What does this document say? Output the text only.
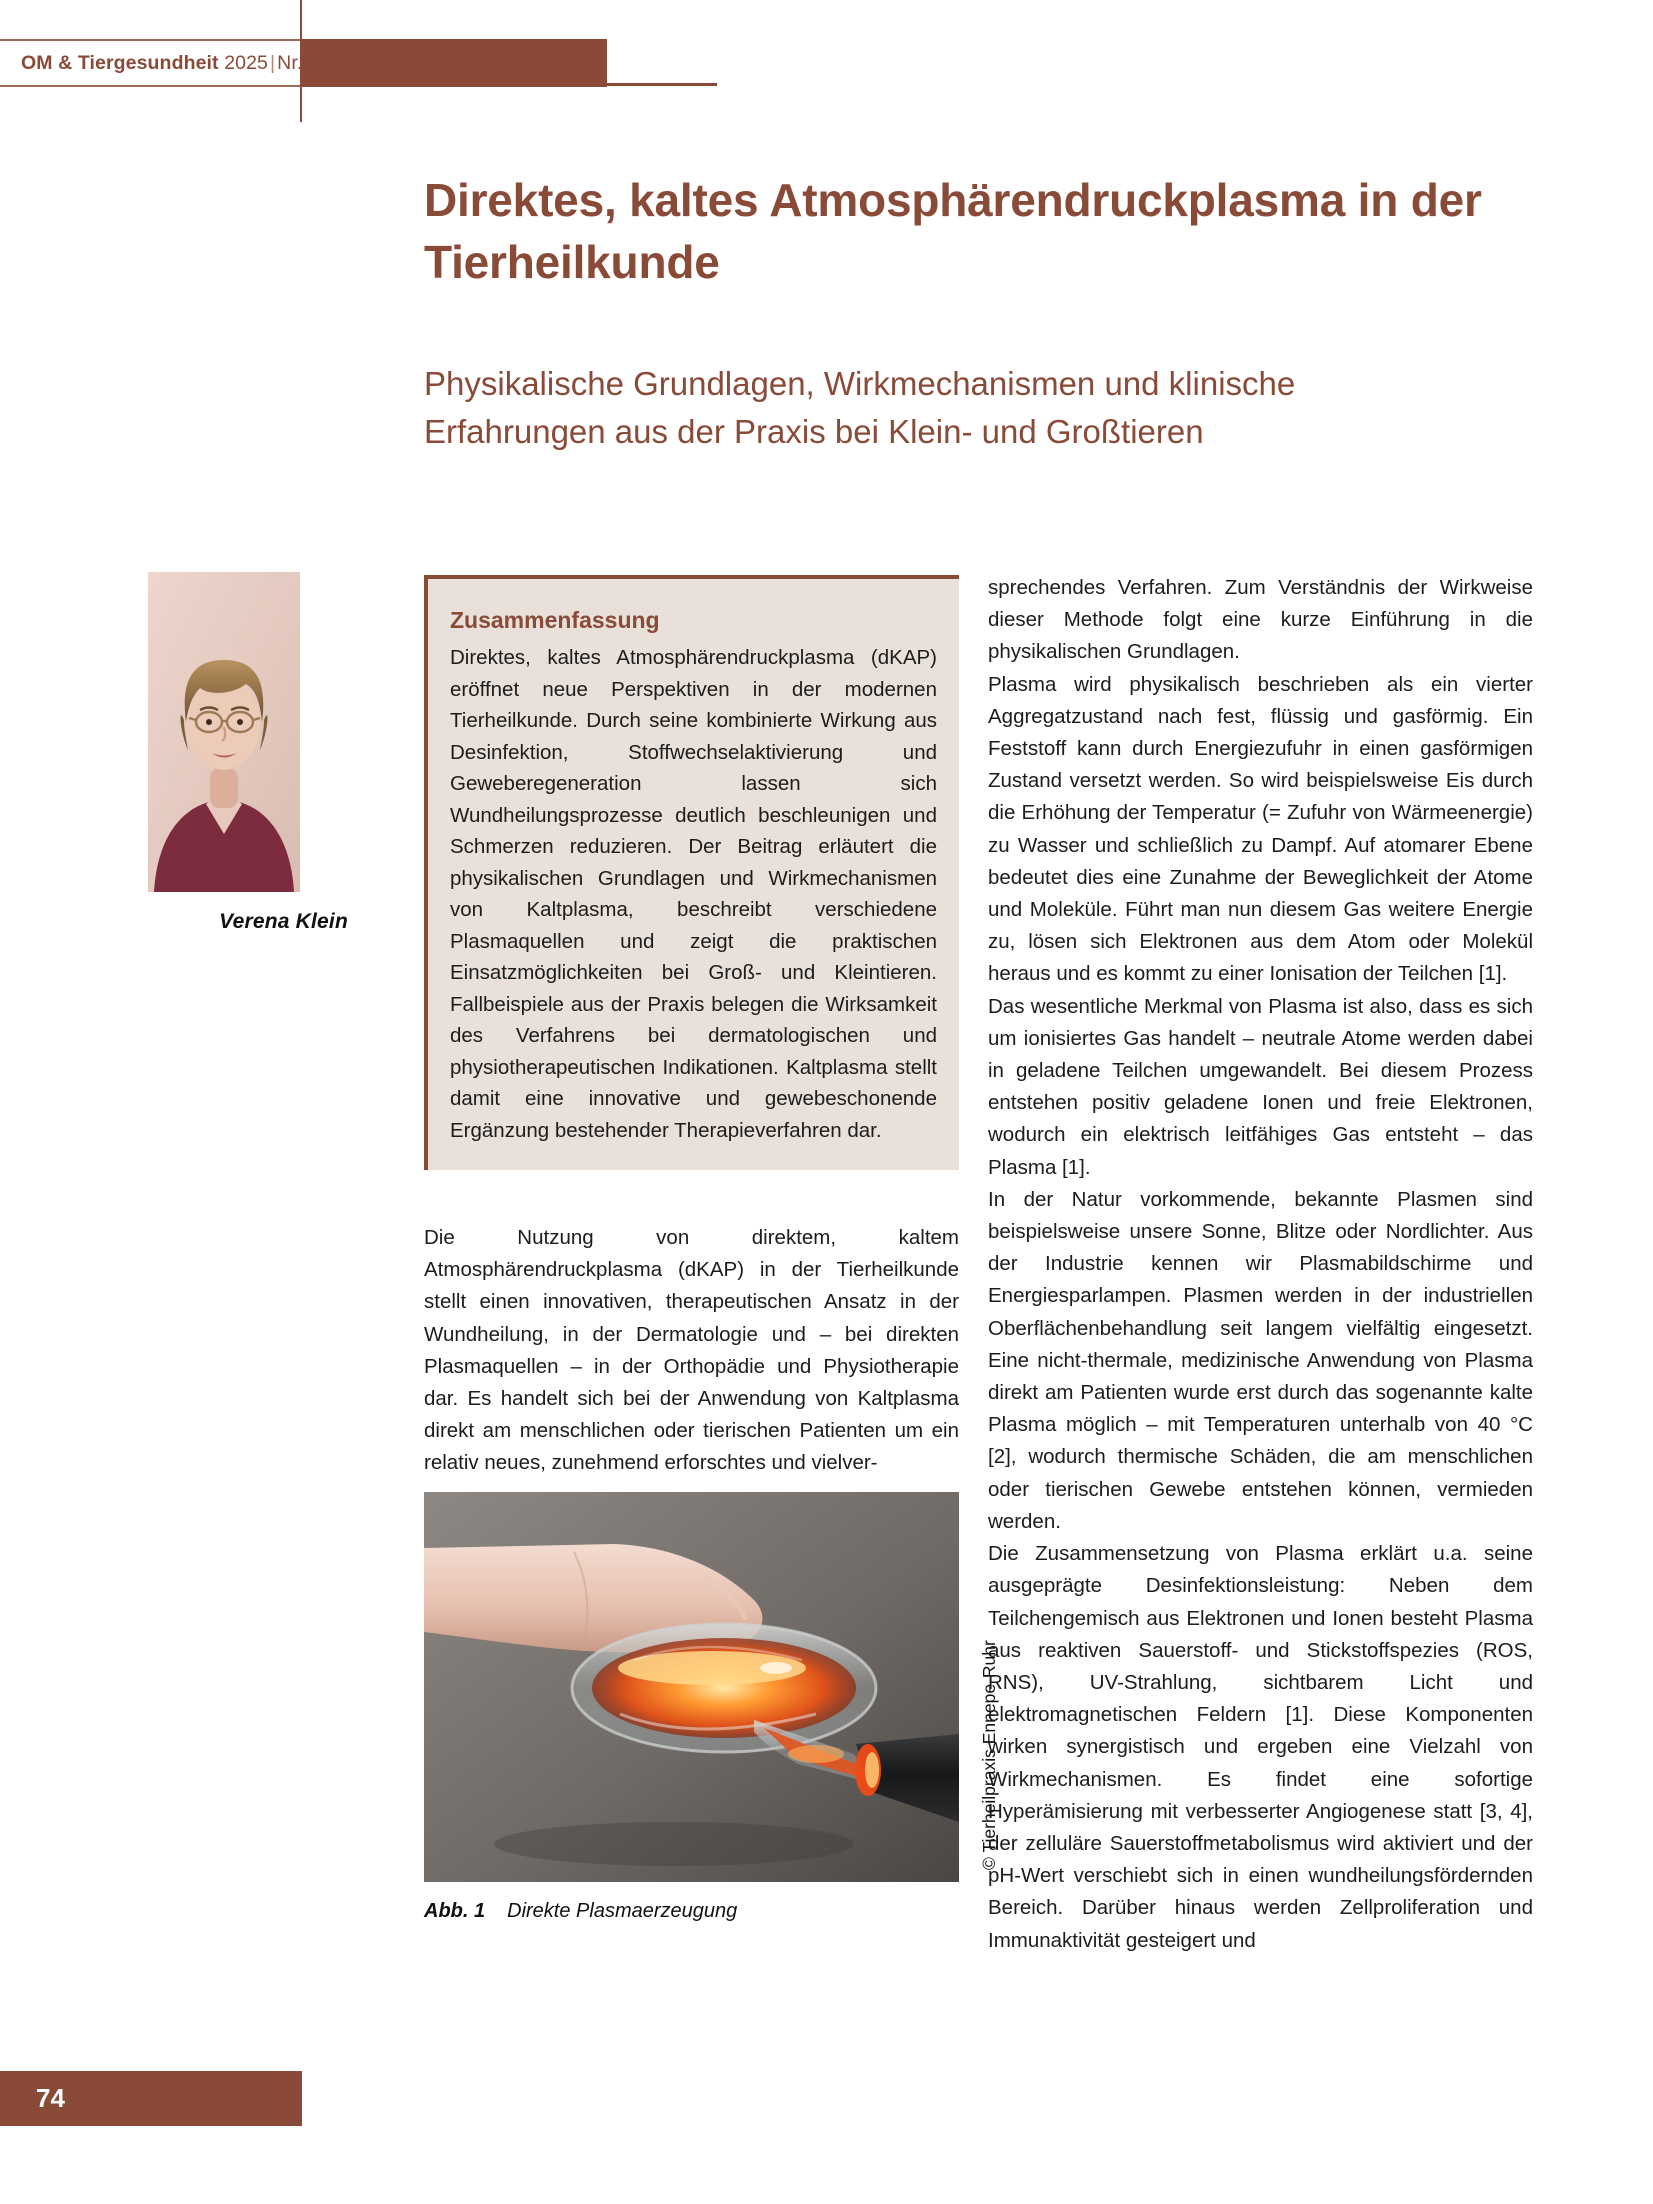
OM & Tiergesundheit 2025 | Nr. 120
Direktes, kaltes Atmosphärendruckplasma in der Tierheilkunde
Physikalische Grundlagen, Wirkmechanismen und klinische Erfahrungen aus der Praxis bei Klein- und Großtieren
Verena Klein
Zusammenfassung
Direktes, kaltes Atmosphärendruckplasma (dKAP) eröffnet neue Perspektiven in der modernen Tierheilkunde. Durch seine kombinierte Wirkung aus Desinfektion, Stoffwechselaktivierung und Geweberegeneration lassen sich Wundheilungsprozesse deutlich beschleunigen und Schmerzen reduzieren. Der Beitrag erläutert die physikalischen Grundlagen und Wirkmechanismen von Kaltplasma, beschreibt verschiedene Plasmaquellen und zeigt die praktischen Einsatzmöglichkeiten bei Groß- und Kleintieren. Fallbeispiele aus der Praxis belegen die Wirksamkeit des Verfahrens bei dermatologischen und physiotherapeutischen Indikationen. Kaltplasma stellt damit eine innovative und gewebeschonende Ergänzung bestehender Therapieverfahren dar.

Die Nutzung von direktem, kaltem Atmosphärendruckplasma (dKAP) in der Tierheilkunde stellt einen innovativen, therapeutischen Ansatz in der Wundheilung, in der Dermatologie und – bei direkten Plasmaquellen – in der Orthopädie und Physiotherapie dar. Es handelt sich bei der Anwendung von Kaltplasma direkt am menschlichen oder tierischen Patienten um ein relativ neues, zunehmend erforschtes und vielver-

Abb. 1 Direkte Plasmaerzeugung
© Tierheilpraxis Ennepe-Ruhr

sprechendes Verfahren. Zum Verständnis der Wirkweise dieser Methode folgt eine kurze Einführung in die physikalischen Grundlagen.

Plasma wird physikalisch beschrieben als ein vierter Aggregatzustand nach fest, flüssig und gasförmig. Ein Feststoff kann durch Energiezufuhr in einen gasförmigen Zustand versetzt werden. So wird beispielsweise Eis durch die Erhöhung der Temperatur (= Zufuhr von Wärmeenergie) zu Wasser und schließlich zu Dampf. Auf atomarer Ebene bedeutet dies eine Zunahme der Beweglichkeit der Atome und Moleküle. Führt man nun diesem Gas weitere Energie zu, lösen sich Elektronen aus dem Atom oder Molekül heraus und es kommt zu einer Ionisation der Teilchen [1].

Das wesentliche Merkmal von Plasma ist also, dass es sich um ionisiertes Gas handelt – neutrale Atome werden dabei in geladene Teilchen umgewandelt. Bei diesem Prozess entstehen positiv geladene Ionen und freie Elektronen, wodurch ein elektrisch leitfähiges Gas entsteht – das Plasma [1].

In der Natur vorkommende, bekannte Plasmen sind beispielsweise unsere Sonne, Blitze oder Nordlichter. Aus der Industrie kennen wir Plasmabildschirme und Energiesparlampen. Plasmen werden in der industriellen Oberflächenbehandlung seit langem vielfältig eingesetzt. Eine nicht-thermale, medizinische Anwendung von Plasma direkt am Patienten wurde erst durch das sogenannte kalte Plasma möglich – mit Temperaturen unterhalb von 40 °C [2], wodurch thermische Schäden, die am menschlichen oder tierischen Gewebe entstehen können, vermieden werden.

Die Zusammensetzung von Plasma erklärt u.a. seine ausgeprägte Desinfektionsleistung: Neben dem Teilchengemisch aus Elektronen und Ionen besteht Plasma aus reaktiven Sauerstoff- und Stickstoffspezies (ROS, RNS), UV-Strahlung, sichtbarem Licht und elektromagnetischen Feldern [1]. Diese Komponenten wirken synergistisch und ergeben eine Vielzahl von Wirkmechanismen. Es findet eine sofortige Hyperämisierung mit verbesserter Angiogenese statt [3, 4], der zelluläre Sauerstoffmetabolismus wird aktiviert und der pH-Wert verschiebt sich in einen wundheilungsfördernden Bereich. Darüber hinaus werden Zellproliferation und Immunaktivität gesteigert und

74
